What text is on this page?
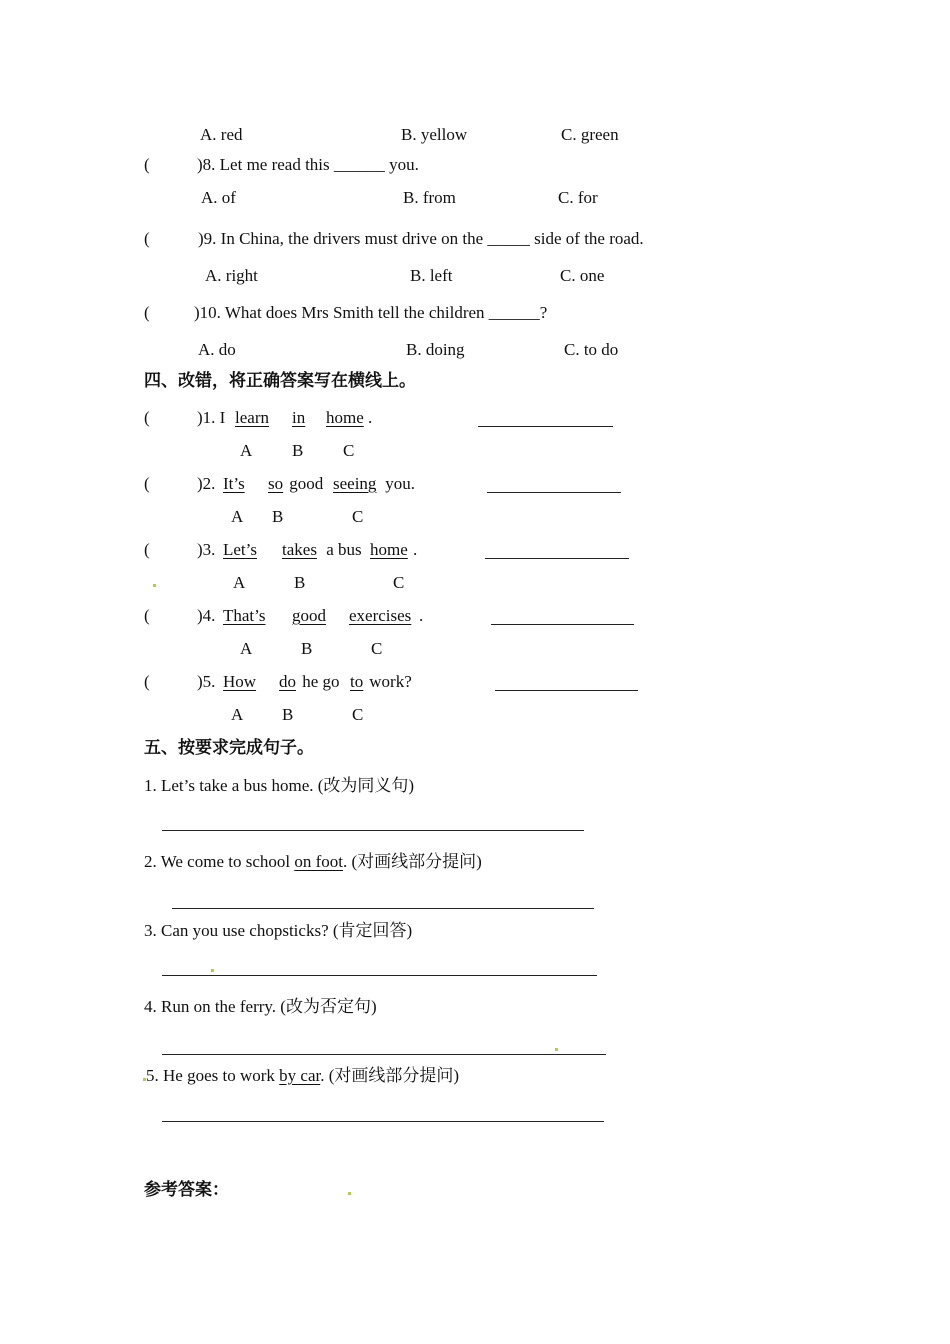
A. red	B. yellow	C. green
(	)8. Let me read this ______ you.
A. of	B. from	C. for
(	)9. In China, the drivers must drive on the _____ side of the road.
A. right	B. left	C. one
(	)10. What does Mrs Smith tell the children ______?
A. do	B. doing	C. to do
四、改错，将正确答案写在横线上。
(	)1. I learn in home .
A B C
(	)2. It’s so good seeing you.
A B	C
(	)3. Let’s takes a bus home .
A	B	C
(	)4. That’s good exercises .
A	B	C
(	)5. How do he go to work?
A B	C
五、按要求完成句子。
1. Let’s take a bus home. (改为同义句)
2. We come to school on foot. (对画线部分提问)
3. Can you use chopsticks? (肯定回答)
4. Run on the ferry. (改为否定句)
5. He goes to work by car. (对画线部分提问)
参考答案：
